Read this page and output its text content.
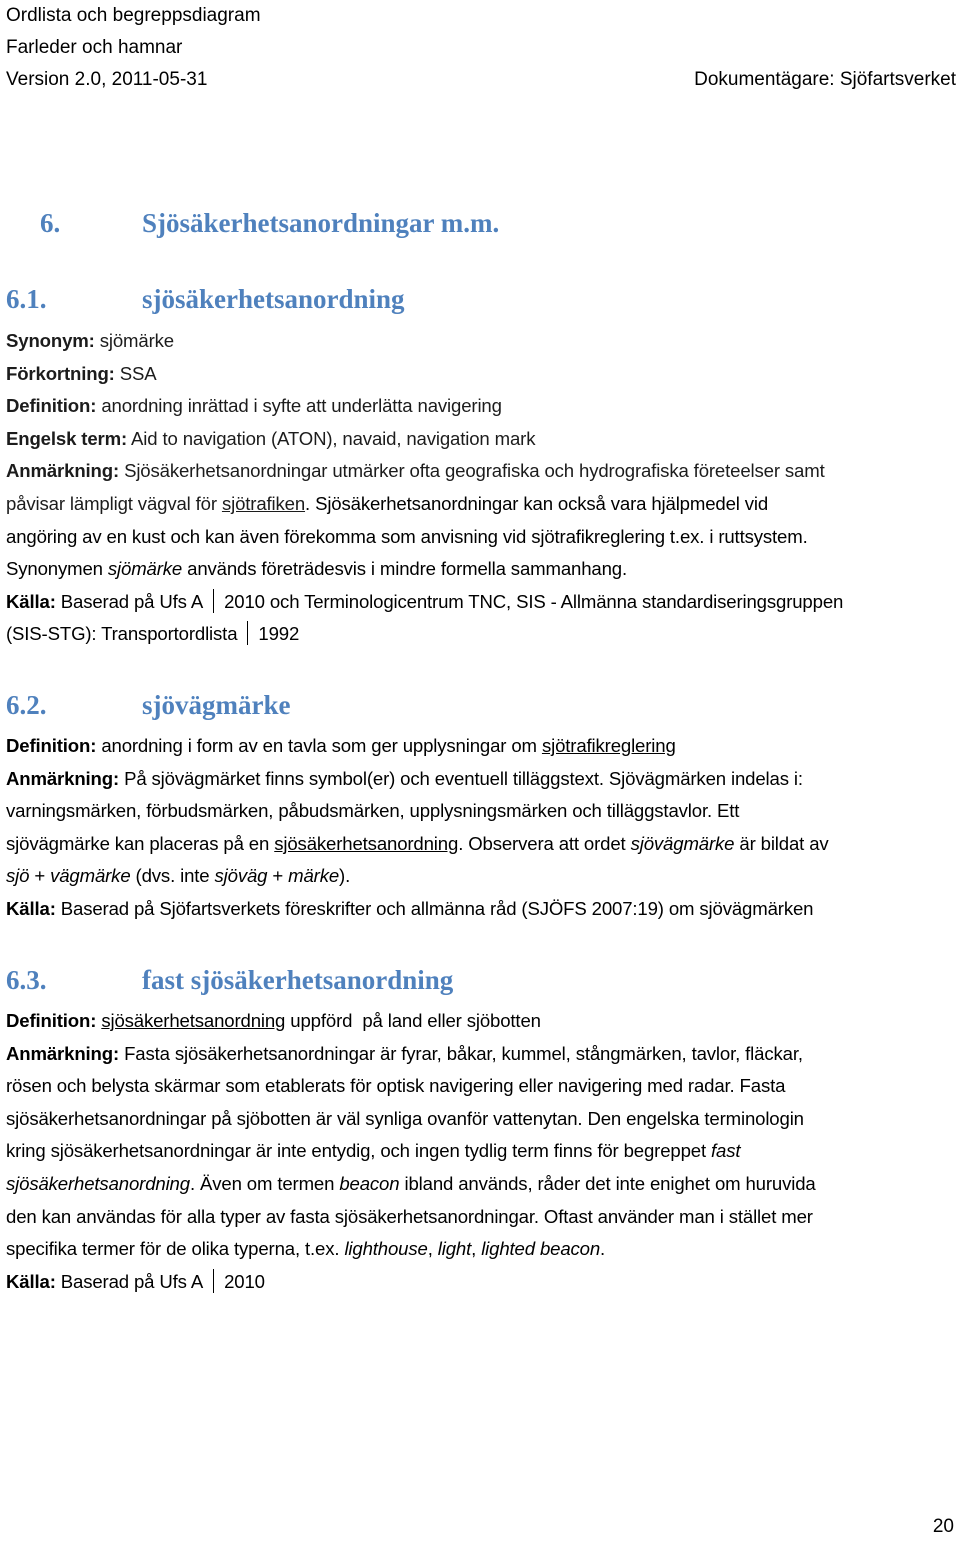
Ordlista och begreppsdiagram
Farleder och hamnar
Version 2.0, 2011-05-31	Dokumentägare: Sjöfartsverket
6.	Sjösäkerhetsanordningar m.m.
6.1.	sjösäkerhetsanordning
Synonym: sjömärke
Förkortning: SSA
Definition: anordning inrättad i syfte att underlätta navigering
Engelsk term: Aid to navigation (ATON), navaid, navigation mark
Anmärkning: Sjösäkerhetsanordningar utmärker ofta geografiska och hydrografiska företeelser samt
påvisar lämpligt vägval för sjötrafiken. Sjösäkerhetsanordningar kan också vara hjälpmedel vid
angöring av en kust och kan även förekomma som anvisning vid sjötrafikreglering t.ex. i ruttsystem.
Synonymen sjömärke används företrädesvis i mindre formella sammanhang.
Källa: Baserad på Ufs A 2010 och Terminologicentrum TNC, SIS - Allmänna standardiseringsgruppen
(SIS-STG): Transportordlista 1992
6.2.	sjövägmärke
Definition: anordning i form av en tavla som ger upplysningar om sjötrafikreglering
Anmärkning: På sjövägmärket finns symbol(er) och eventuell tilläggstext. Sjövägmärken indelas i:
varningsmärken, förbudsmärken, påbudsmärken, upplysningsmärken och tilläggstavlor. Ett
sjövägmärke kan placeras på en sjösäkerhetsanordning. Observera att ordet sjövägmärke är bildat av
sjö + vägmärke (dvs. inte sjöväg + märke).
Källa: Baserad på Sjöfartsverkets föreskrifter och allmänna råd (SJÖFS 2007:19) om sjövägmärken
6.3.	fast sjösäkerhetsanordning
Definition: sjösäkerhetsanordning uppförd  på land eller sjöbotten
Anmärkning: Fasta sjösäkerhetsanordningar är fyrar, båkar, kummel, stångmärken, tavlor, fläckar,
rösen och belysta skärmar som etablerats för optisk navigering eller navigering med radar. Fasta
sjösäkerhetsanordningar på sjöbotten är väl synliga ovanför vattenytan. Den engelska terminologin
kring sjösäkerhetsanordningar är inte entydig, och ingen tydlig term finns för begreppet fast
sjösäkerhetsanordning. Även om termen beacon ibland används, råder det inte enighet om huruvida
den kan användas för alla typer av fasta sjösäkerhetsanordningar. Oftast använder man i stället mer
specifika termer för de olika typerna, t.ex. lighthouse, light, lighted beacon.
Källa: Baserad på Ufs A 2010
20
